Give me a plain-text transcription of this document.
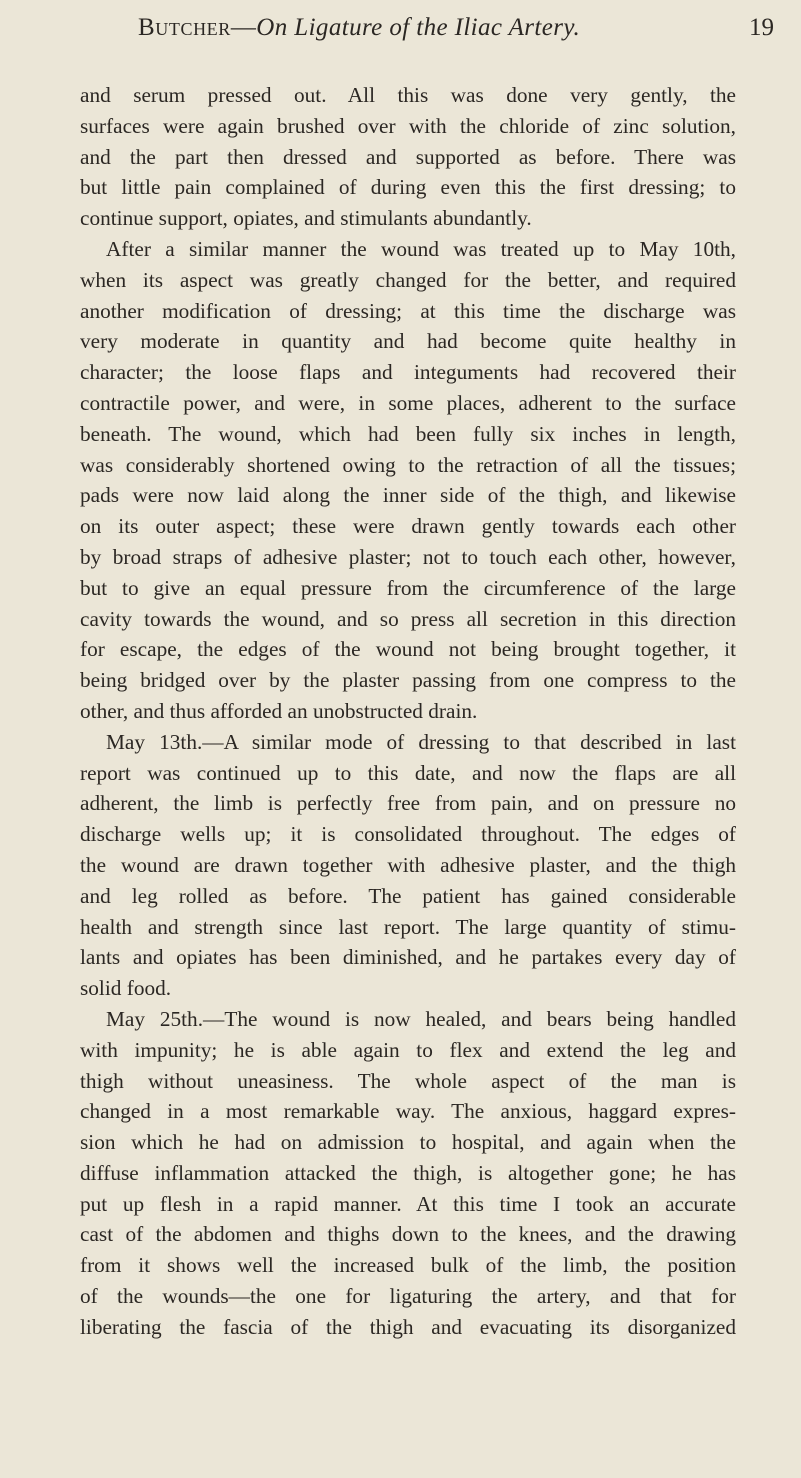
Butcher—On Ligature of the Iliac Artery.	19
and serum pressed out. All this was done very gently, the
surfaces were again brushed over with the chloride of zinc solution,
and the part then dressed and supported as before. There was
but little pain complained of during even this the first dressing; to
continue support, opiates, and stimulants abundantly.
After a similar manner the wound was treated up to May 10th,
when its aspect was greatly changed for the better, and required
another modification of dressing; at this time the discharge was
very moderate in quantity and had become quite healthy in
character; the loose flaps and integuments had recovered their
contractile power, and were, in some places, adherent to the surface
beneath. The wound, which had been fully six inches in length,
was considerably shortened owing to the retraction of all the tissues;
pads were now laid along the inner side of the thigh, and likewise
on its outer aspect; these were drawn gently towards each other
by broad straps of adhesive plaster; not to touch each other, however,
but to give an equal pressure from the circumference of the large
cavity towards the wound, and so press all secretion in this direction
for escape, the edges of the wound not being brought together, it
being bridged over by the plaster passing from one compress to the
other, and thus afforded an unobstructed drain.
May 13th.—A similar mode of dressing to that described in last
report was continued up to this date, and now the flaps are all
adherent, the limb is perfectly free from pain, and on pressure no
discharge wells up; it is consolidated throughout. The edges of
the wound are drawn together with adhesive plaster, and the thigh
and leg rolled as before. The patient has gained considerable
health and strength since last report. The large quantity of stimu-
lants and opiates has been diminished, and he partakes every day of
solid food.
May 25th.—The wound is now healed, and bears being handled
with impunity; he is able again to flex and extend the leg and
thigh without uneasiness. The whole aspect of the man is
changed in a most remarkable way. The anxious, haggard expres-
sion which he had on admission to hospital, and again when the
diffuse inflammation attacked the thigh, is altogether gone; he has
put up flesh in a rapid manner. At this time I took an accurate
cast of the abdomen and thighs down to the knees, and the drawing
from it shows well the increased bulk of the limb, the position
of the wounds—the one for ligaturing the artery, and that for
liberating the fascia of the thigh and evacuating its disorganized
